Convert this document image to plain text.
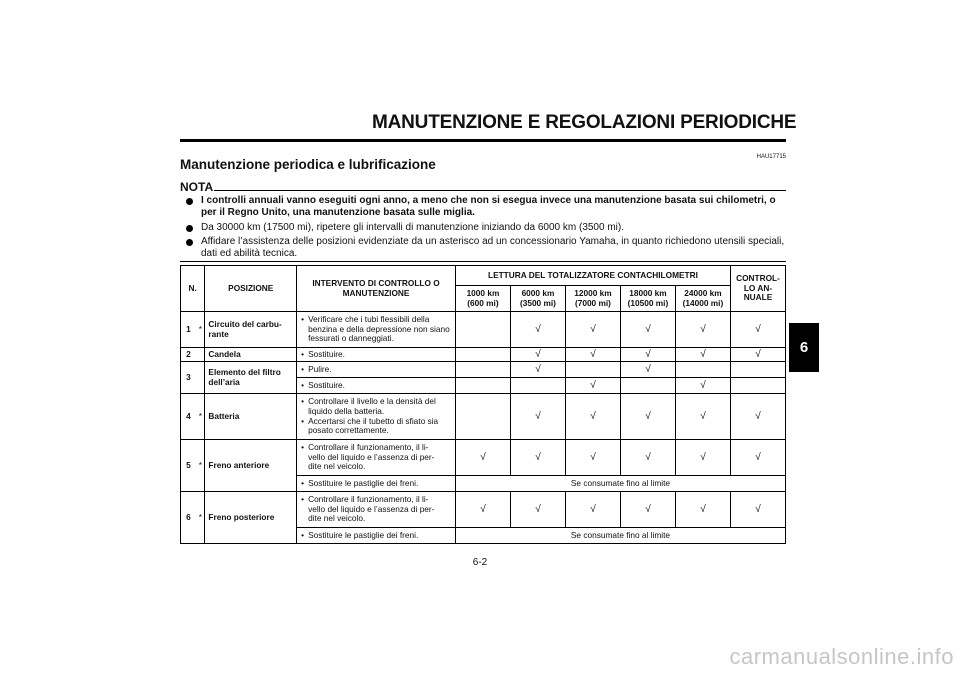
MANUTENZIONE E REGOLAZIONI PERIODICHE
HAU17715
Manutenzione periodica e lubrificazione
NOTA
I controlli annuali vanno eseguiti ogni anno, a meno che non si esegua invece una manutenzione basata sui chilometri, o per il Regno Unito, una manutenzione basata sulle miglia.
Da 30000 km (17500 mi), ripetere gli intervalli di manutenzione iniziando da 6000 km (3500 mi).
Affidare l’assistenza delle posizioni evidenziate da un asterisco ad un concessionario Yamaha, in quanto richiedono utensili speciali, dati ed abilità tecnica.
N.		POSIZIONE	INTERVENTO DI CONTROLLO O MANUTENZIONE	LETTURA DEL TOTALIZZATORE CONTACHILOMETRI					CONTROL-
LO AN-
NUALE
				1000 km
(600 mi)	6000 km
(3500 mi)	12000 km
(7000 mi)	18000 km
(10500 mi)	24000 km
(14000 mi)	
1	*	Circuito del carbu-
rante	• Verificare che i tubi flessibili della benzina e della depressione non siano fessurati o danneggiati.		√	√	√	√	√
2		Candela	• Sostituire.		√	√	√	√	√
3		Elemento del filtro
dell’aria	• Pulire.		√		√		

			• Sostituire.			√		√	
4	*	Batteria	• Controllare il livello e la densità del liquido della batteria.
• Accertarsi che il tubetto di sfiato sia posato correttamente.		√	√	√	√	√
5	*	Freno anteriore	• Controllare il funzionamento, il li-
vello del liquido e l’assenza di per-
dite nel veicolo.	√	√	√	√	√	√

			• Sostituire le pastiglie dei freni.	Se consumate fino al limite					
6	*	Freno posteriore	• Controllare il funzionamento, il li-
vello del liquido e l’assenza di per-
dite nel veicolo.	√	√	√	√	√	√

			• Sostituire le pastiglie dei freni.	Se consumate fino al limite					
6
6-2
carmanualsonline.info
